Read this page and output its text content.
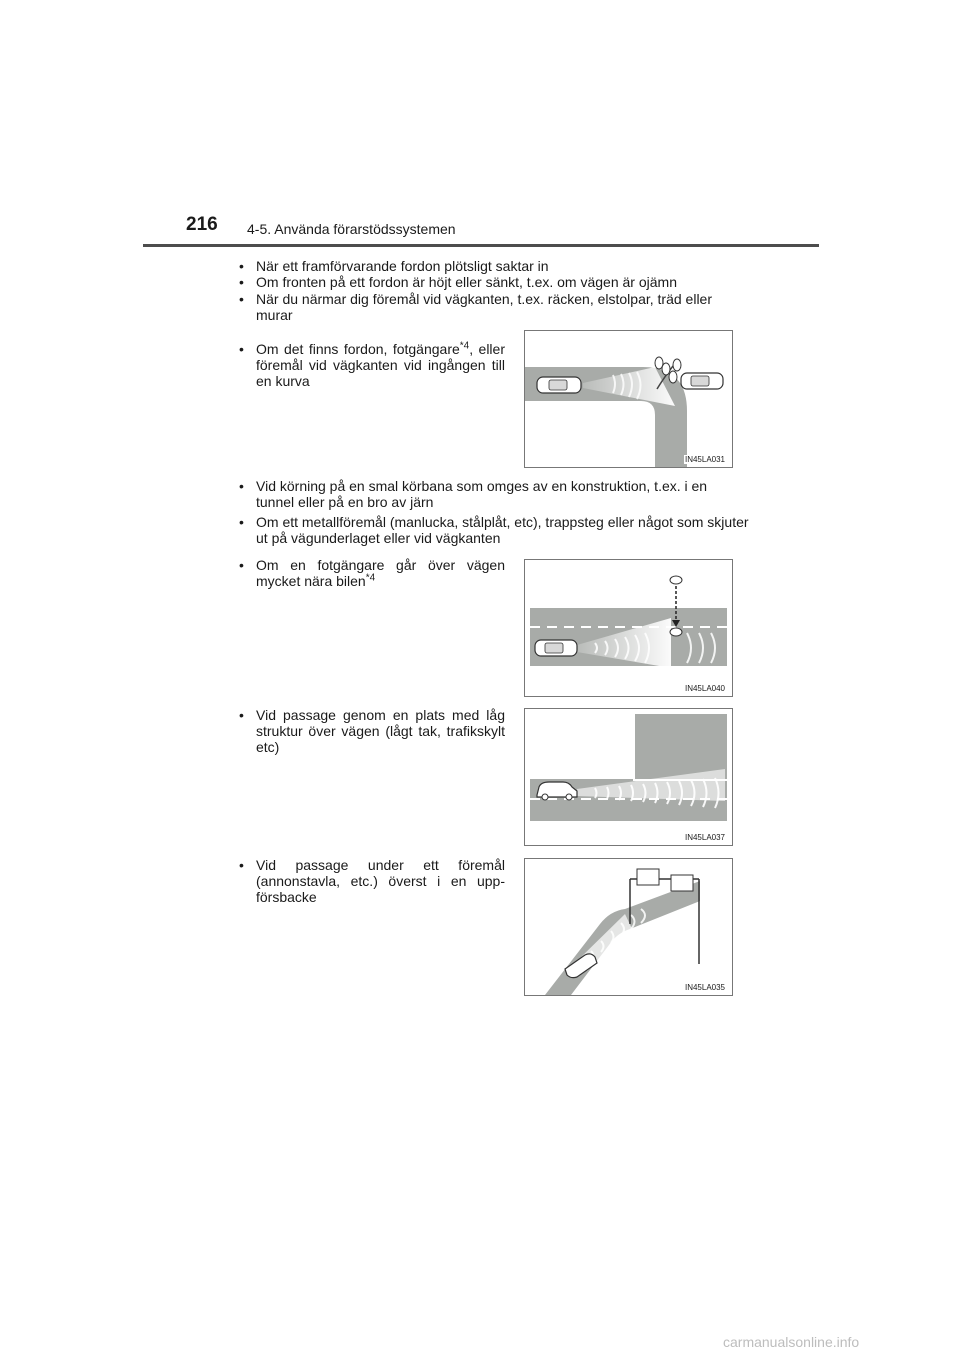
216 4-5. Använda förarstödssystemen
• När ett framförvarande fordon plötsligt saktar in
• Om fronten på ett fordon är höjt eller sänkt, t.ex. om vägen är ojämn
• När du närmar dig föremål vid vägkanten, t.ex. räcken, elstolpar, träd eller murar
• Om det finns fordon, fotgängare$^{*4}$, eller föremål vid vägkanten vid ingången till en kurva
IN45LA031
• Vid körning på en smal körbana som omges av en konstruktion, t.ex. i en tunnel eller på en bro av järn
• Om ett metallföremål (manlucka, stålplåt, etc), trappsteg eller något som skjuter ut på vägunderlaget eller vid vägkanten
• Om en fotgängare går över vägen mycket nära bilen$^{*4}$
IN45LA040
• Vid passage genom en plats med låg struktur över vägen (lågt tak, trafikskylt etc)
IN45LA037
• Vid passage under ett föremål (annonstavla, etc.) överst i en upp-försbacke
IN45LA035
carmanualsonline.info
